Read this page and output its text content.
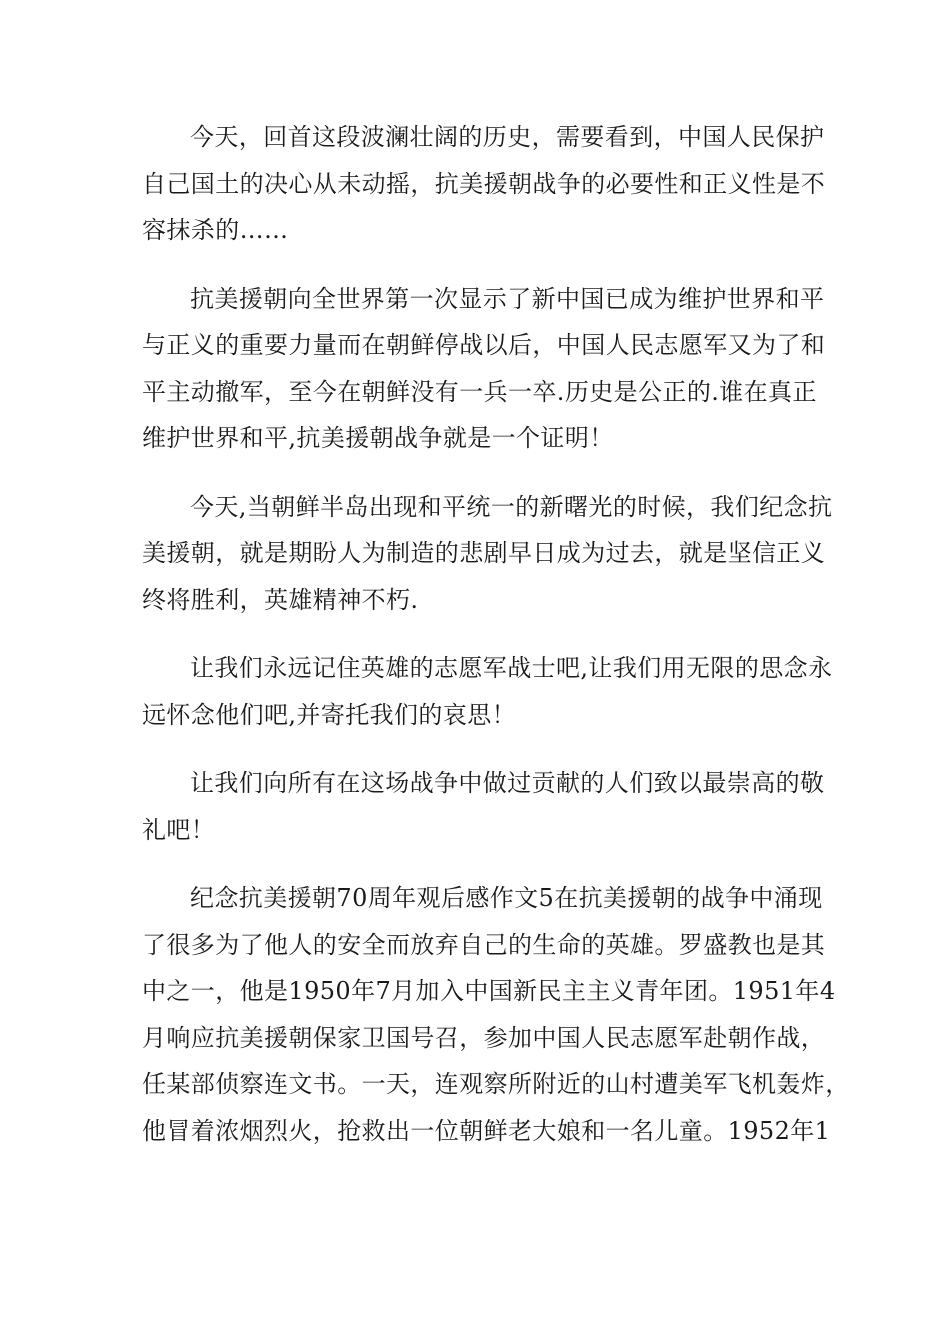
今天，回首这段波澜壮阔的历史，需要看到，中国人民保护
自己国土的决心从未动摇，抗美援朝战争的必要性和正义性是不
容抹杀的……

抗美援朝向全世界第一次显示了新中国已成为维护世界和平
与正义的重要力量而在朝鲜停战以后，中国人民志愿军又为了和
平主动撤军，至今在朝鲜没有一兵一卒.历史是公正的.谁在真正
维护世界和平,抗美援朝战争就是一个证明！

今天,当朝鲜半岛出现和平统一的新曙光的时候，我们纪念抗
美援朝，就是期盼人为制造的悲剧早日成为过去，就是坚信正义
终将胜利，英雄精神不朽.

让我们永远记住英雄的志愿军战士吧,让我们用无限的思念永
远怀念他们吧,并寄托我们的哀思！

让我们向所有在这场战争中做过贡献的人们致以最崇高的敬
礼吧！

纪念抗美援朝70周年观后感作文5在抗美援朝的战争中涌现
了很多为了他人的安全而放弃自己的生命的英雄。罗盛教也是其
中之一，他是1950年7月加入中国新民主主义青年团。1951年4
月响应抗美援朝保家卫国号召，参加中国人民志愿军赴朝作战，
任某部侦察连文书。一天，连观察所附近的山村遭美军飞机轰炸，
他冒着浓烟烈火，抢救出一位朝鲜老大娘和一名儿童。1952年1
